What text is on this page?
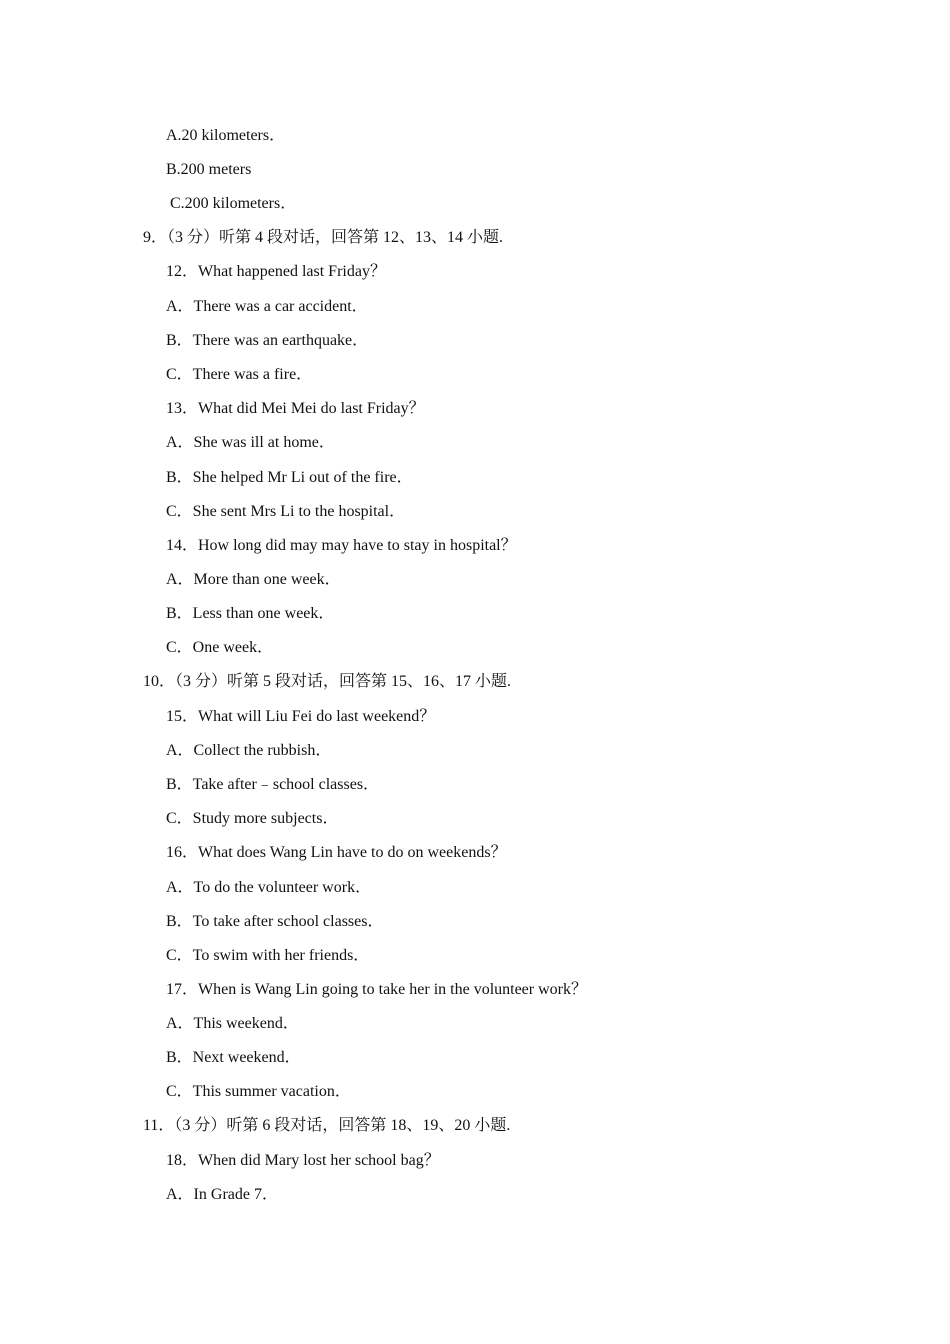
A.20 kilometers．
B.200 meters
C.200 kilometers．
9．（3 分）听第 4 段对话，回答第 12、13、14 小题.
12．What happened last Friday？
A．There was a car accident．
B．There was an earthquake．
C．There was a fire．
13．What did Mei Mei do last Friday？
A．She was ill at home．
B．She helped Mr Li out of the fire．
C．She sent Mrs Li to the hospital．
14．How long did may may have to stay in hospital？
A．More than one week．
B．Less than one week．
C．One week．
10．（3 分）听第 5 段对话，回答第 15、16、17 小题.
15．What will Liu Fei do last weekend？
A．Collect the rubbish．
B．Take after﹣school classes．
C．Study more subjects．
16．What does Wang Lin have to do on weekends？
A．To do the volunteer work．
B．To take after school classes．
C．To swim with her friends．
17．When is Wang Lin going to take her in the volunteer work？
A．This weekend．
B．Next weekend．
C．This summer vacation．
11．（3 分）听第 6 段对话，回答第 18、19、20 小题.
18．When did Mary lost her school bag？
A．In Grade 7．
